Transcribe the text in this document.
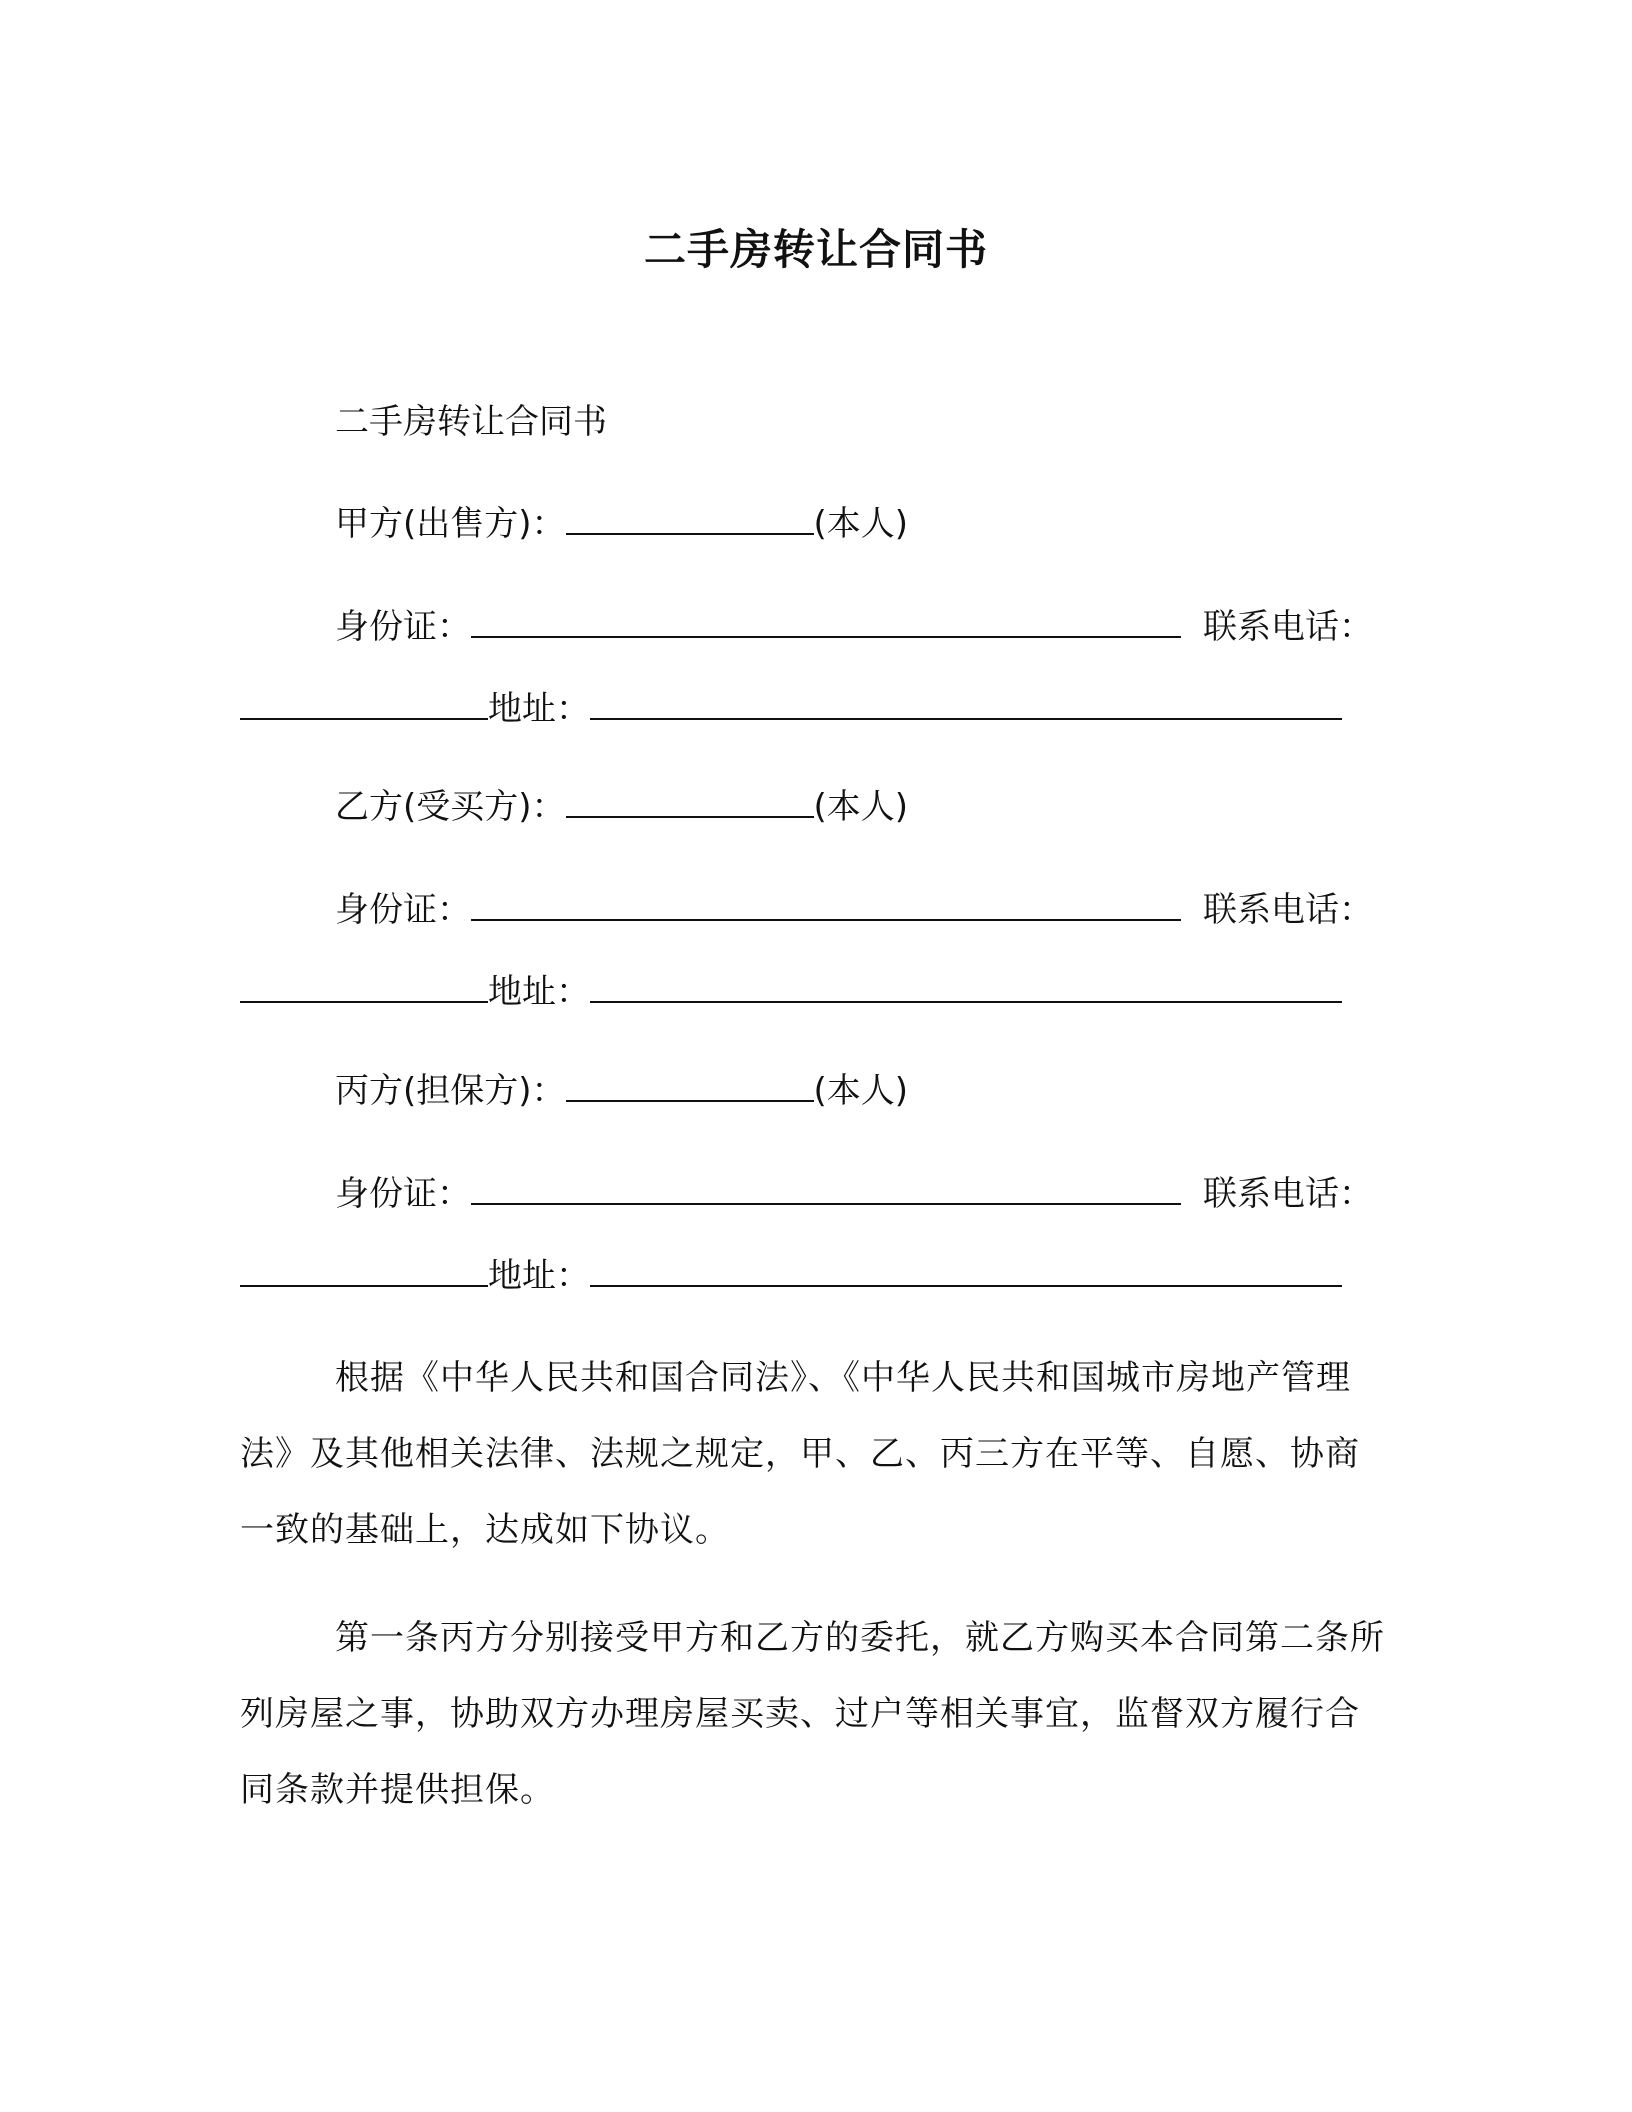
二手房转让合同书
二手房转让合同书
甲方(出售方)：	(本人)
身份证：	联系电话：
地址：
乙方(受买方)：	(本人)
身份证：	联系电话：
地址：
丙方(担保方)：	(本人)
身份证：	联系电话：
地址：
根据《中华人民共和国合同法》、《中华人民共和国城市房地产管理法》及其他相关法律、法规之规定，甲、乙、丙三方在平等、自愿、协商一致的基础上，达成如下协议。
第一条丙方分别接受甲方和乙方的委托，就乙方购买本合同第二条所列房屋之事，协助双方办理房屋买卖、过户等相关事宜，监督双方履行合同条款并提供担保。
